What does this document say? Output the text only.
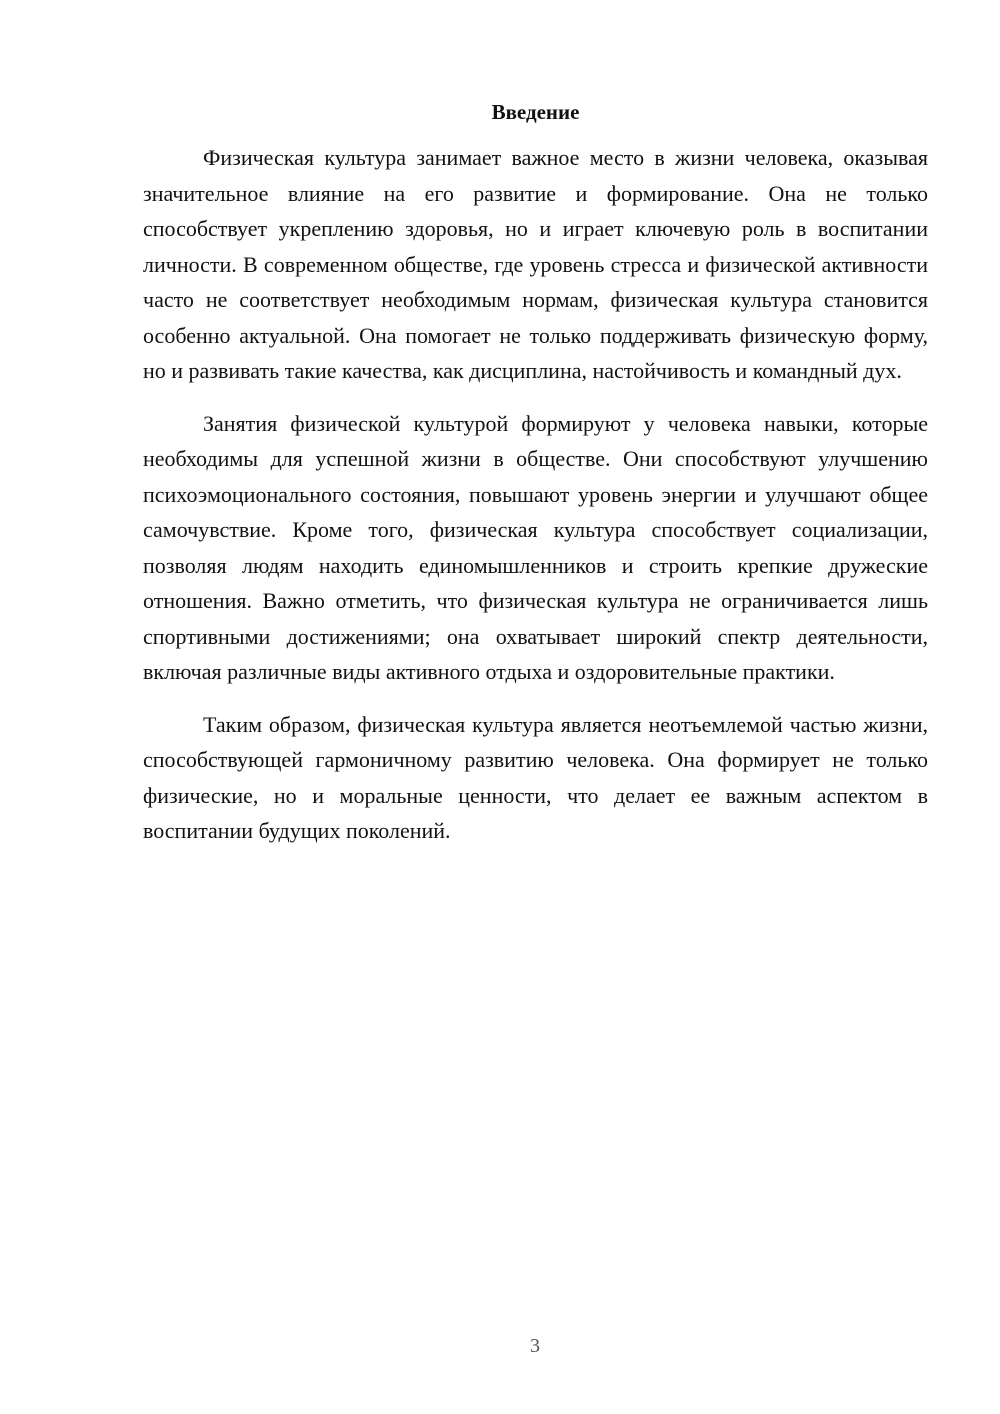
Введение

Физическая культура занимает важное место в жизни человека, оказывая значительное влияние на его развитие и формирование. Она не только способствует укреплению здоровья, но и играет ключевую роль в воспитании личности. В современном обществе, где уровень стресса и физической активности часто не соответствует необходимым нормам, физическая культура становится особенно актуальной. Она помогает не только поддерживать физическую форму, но и развивать такие качества, как дисциплина, настойчивость и командный дух.

Занятия физической культурой формируют у человека навыки, которые необходимы для успешной жизни в обществе. Они способствуют улучшению психоэмоционального состояния, повышают уровень энергии и улучшают общее самочувствие. Кроме того, физическая культура способствует социализации, позволяя людям находить единомышленников и строить крепкие дружеские отношения. Важно отметить, что физическая культура не ограничивается лишь спортивными достижениями; она охватывает широкий спектр деятельности, включая различные виды активного отдыха и оздоровительные практики.

Таким образом, физическая культура является неотъемлемой частью жизни, способствующей гармоничному развитию человека. Она формирует не только физические, но и моральные ценности, что делает ее важным аспектом в воспитании будущих поколений.

3
